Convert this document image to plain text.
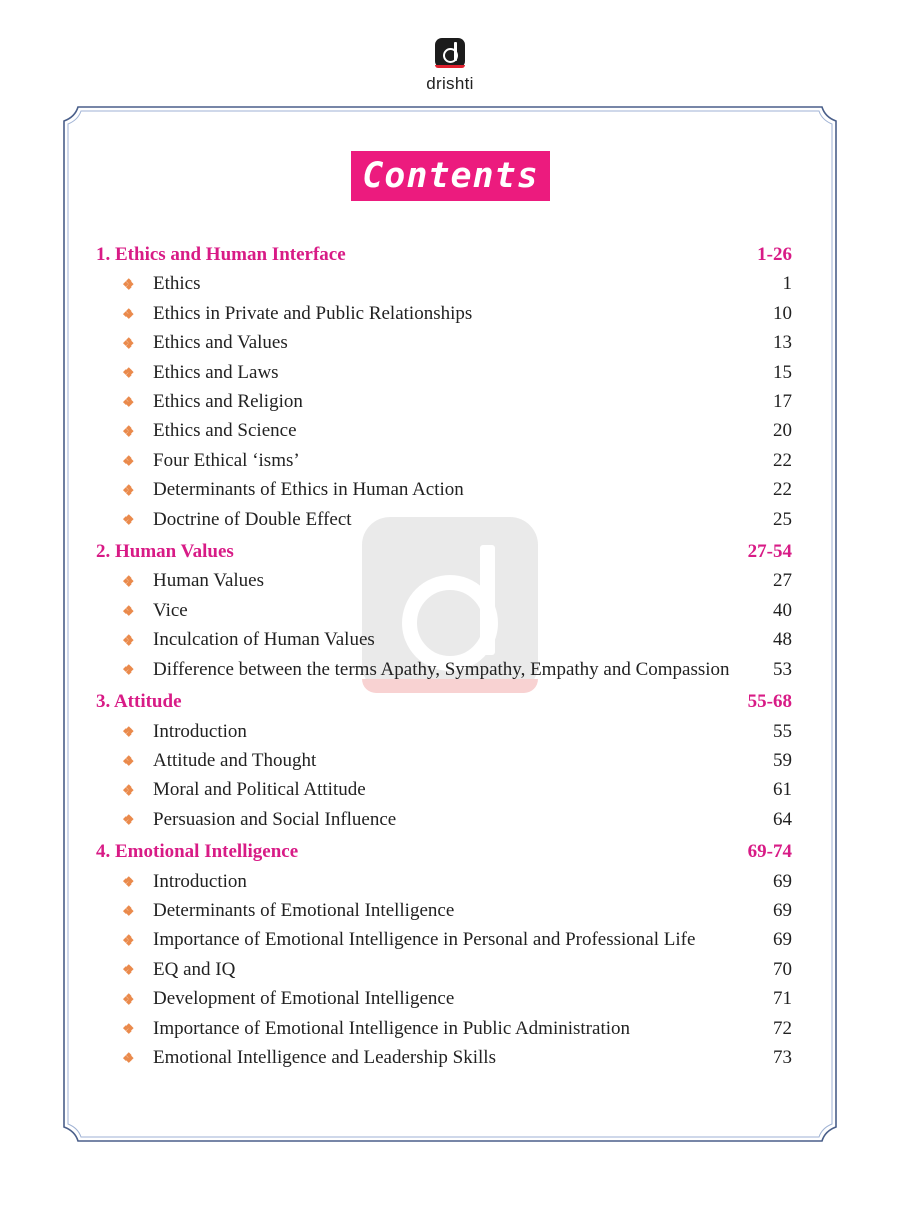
drishti
Contents
1. Ethics and Human Interface	1-26
Ethics	1
Ethics in Private and Public Relationships	10
Ethics and Values	13
Ethics and Laws	15
Ethics and Religion	17
Ethics and Science	20
Four Ethical ‘isms’	22
Determinants of Ethics in Human Action	22
Doctrine of Double Effect	25
2. Human Values	27-54
Human Values	27
Vice	40
Inculcation of Human Values	48
Difference between the terms Apathy, Sympathy, Empathy and Compassion 53
3. Attitude	55-68
Introduction	55
Attitude and Thought	59
Moral and Political Attitude	61
Persuasion and Social Influence	64
4. Emotional Intelligence	69-74
Introduction	69
Determinants of Emotional Intelligence	69
Importance of Emotional Intelligence in Personal and Professional Life	69
EQ and IQ	70
Development of Emotional Intelligence	71
Importance of Emotional Intelligence in Public Administration	72
Emotional Intelligence and Leadership Skills	73
